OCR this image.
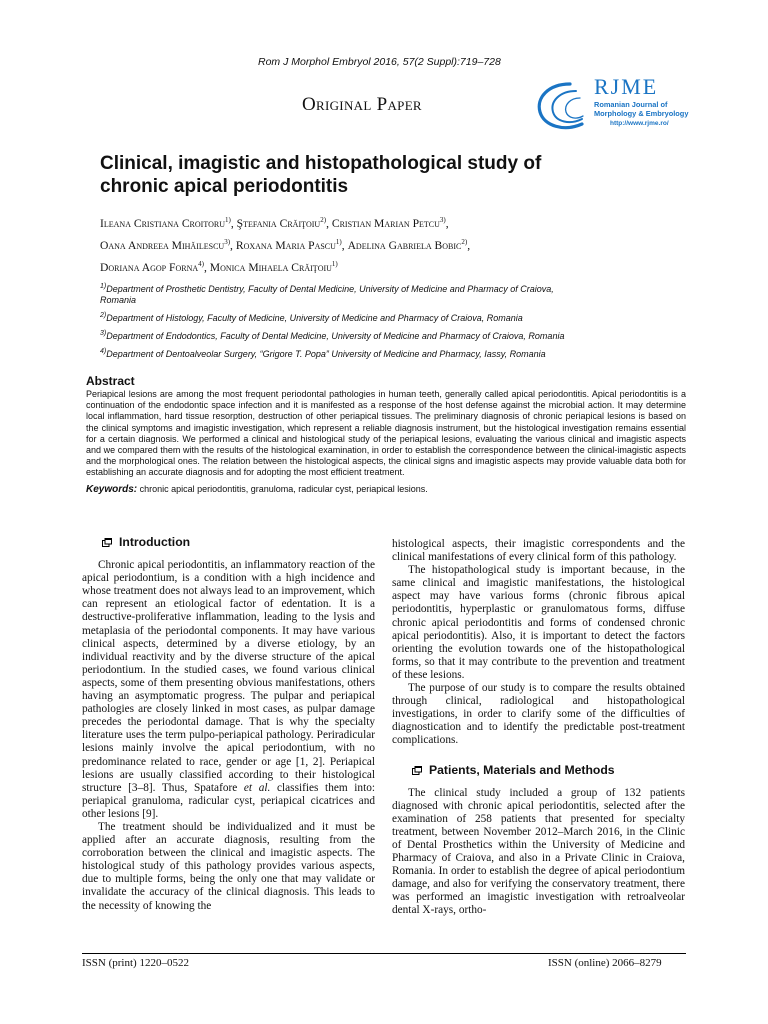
Rom J Morphol Embryol 2016, 57(2 Suppl):719–728
Original Paper
RJME
Romanian Journal of
Morphology & Embryology
http://www.rjme.ro/
Clinical, imagistic and histopathological study of
chronic apical periodontitis
Ileana Cristiana Croitoru$^{1)}$, Ştefania Crăiţoiu$^{2)}$, Cristian Marian Petcu$^{3)}$,
Oana Andreea Mihăilescu$^{3)}$, Roxana Maria Pascu$^{1)}$, Adelina Gabriela Bobic$^{2)}$,
Doriana Agop Forna$^{4)}$, Monica Mihaela Crăiţoiu$^{1)}$
$^{1)}$Department of Prosthetic Dentistry, Faculty of Dental Medicine, University of Medicine and Pharmacy of Craiova,
Romania
$^{2)}$Department of Histology, Faculty of Medicine, University of Medicine and Pharmacy of Craiova, Romania
$^{3)}$Department of Endodontics, Faculty of Dental Medicine, University of Medicine and Pharmacy of Craiova, Romania
$^{4)}$Department of Dentoalveolar Surgery, “Grigore T. Popa” University of Medicine and Pharmacy, Iassy, Romania
Abstract
Periapical lesions are among the most frequent periodontal pathologies in human teeth, generally called apical periodontitis. Apical periodontitis is a continuation of the endodontic space infection and it is manifested as a response of the host defense against the microbial action. It may determine local inflammation, hard tissue resorption, destruction of other periapical tissues. The preliminary diagnosis of chronic periapical lesions is based on the clinical symptoms and imagistic investigation, which represent a reliable diagnosis instrument, but the histological investigation remains essential for a certain diagnosis. We performed a clinical and histological study of the periapical lesions, evaluating the various clinical and imagistic aspects and we compared them with the results of the histological examination, in order to establish the correspondence between the clinical-imagistic aspects and the morphological ones. The relation between the histological aspects, the clinical signs and imagistic aspects may provide valuable data both for establishing an accurate diagnosis and for adopting the most efficient treatment.
Keywords: chronic apical periodontitis, granuloma, radicular cyst, periapical lesions.
Introduction

Chronic apical periodontitis, an inflammatory reaction of the apical periodontium, is a condition with a high incidence and whose treatment does not always lead to an improvement, which can represent an etiological factor of edentation. It is a destructive-proliferative inflammation, leading to the lysis and metaplasia of the periodontal components. It may have various clinical aspects, determined by a diverse etiology, by an individual reactivity and by the diverse structure of the apical periodontium. In the studied cases, we found various clinical aspects, some of them presenting obvious manifestations, others having an asymptomatic progress. The pulpar and periapical pathologies are closely linked in most cases, as pulpar damage precedes the periodontal damage. That is why the specialty literature uses the term pulpo-periapical pathology. Periradicular lesions mainly involve the apical periodontium, with no predominance related to race, gender or age [1, 2]. Periapical lesions are usually classified according to their histological structure [3–8]. Thus, Spatafore et al. classifies them into: periapical granuloma, radicular cyst, periapical cicatrices and other lesions [9].

The treatment should be individualized and it must be applied after an accurate diagnosis, resulting from the corroboration between the clinical and imagistic aspects. The histological study of this pathology provides various aspects, due to multiple forms, being the only one that may validate or invalidate the accuracy of the clinical diagnosis. This leads to the necessity of knowing the

histological aspects, their imagistic correspondents and the clinical manifestations of every clinical form of this pathology.

The histopathological study is important because, in the same clinical and imagistic manifestations, the histological aspect may have various forms (chronic fibrous apical periodontitis, hyperplastic or granulomatous forms, diffuse chronic apical periodontitis and forms of condensed chronic apical periodontitis). Also, it is important to detect the factors orienting the evolution towards one of the histopathological forms, so that it may contribute to the prevention and treatment of these lesions.

The purpose of our study is to compare the results obtained through clinical, radiological and histopathological investigations, in order to clarify some of the difficulties of diagnostication and to identify the predictable post-treatment complications.

Patients, Materials and Methods

The clinical study included a group of 132 patients diagnosed with chronic apical periodontitis, selected after the examination of 258 patients that presented for specialty treatment, between November 2012–March 2016, in the Clinic of Dental Prosthetics within the University of Medicine and Pharmacy of Craiova, and also in a Private Clinic in Craiova, Romania. In order to establish the degree of apical periodontium damage, and also for verifying the conservatory treatment, there was performed an imagistic investigation with retroalveolar dental X-rays, ortho-

ISSN (print) 1220–0522	ISSN (online) 2066–8279
